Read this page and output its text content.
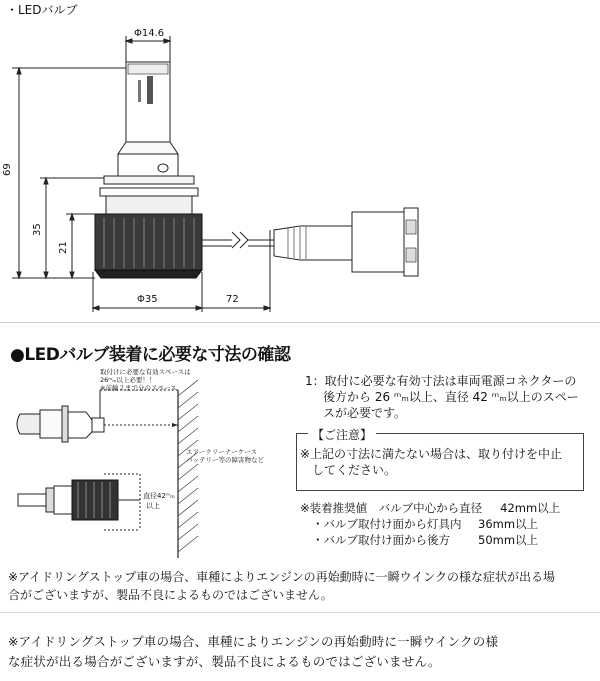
・LEDバルブ
Φ14.6
69
35
21
Φ35	72
●LEDバルブ装着に必要な寸法の確認
取付けに必要な有効スペースは
26ᵐₘ以上必要！！
※前輪２まで分のスペース
エアークリーナーケース
バッテリー等の障害物など
直径42ᵐₘ
以上
1：取付に必要な有効寸法は車両電源コネクターの
後方から 26 ᵐₘ以上、直径 42 ᵐₘ以上のスペー
スが必要です。
【ご注意】
※上記の寸法に満たない場合は、取り付けを中止
してください。
※装着推奨値　バルブ中心から直径 42mm以上
・バルブ取付け面から灯具内	36mm以上
・バルブ取付け面から後方	50mm以上
※アイドリングストップ車の場合、車種によりエンジンの再始動時に一瞬ウインクの様な症状が出る場
合がございますが、製品不良によるものではございません。
※アイドリングストップ車の場合、車種によりエンジンの再始動時に一瞬ウインクの様
な症状が出る場合がございますが、製品不良によるものではございません。
